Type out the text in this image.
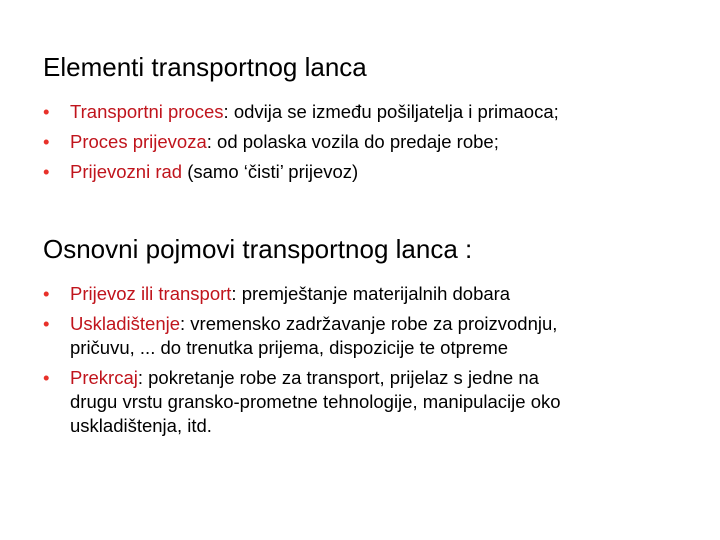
Elementi transportnog lanca
•	Transportni proces: odvija se između pošiljatelja i primaoca;
•	Proces prijevoza: od polaska vozila do predaje robe;
•	Prijevozni rad (samo ‘čisti’ prijevoz)
Osnovni pojmovi transportnog lanca :
•	Prijevoz ili transport: premještanje materijalnih dobara
•	Uskladištenje: vremensko zadržavanje robe za proizvodnju,
pričuvu, ... do trenutka prijema, dispozicije te otpreme
•	Prekrcaj: pokretanje robe za transport, prijelaz s jedne na
drugu vrstu gransko-prometne tehnologije, manipulacije oko
uskladištenja, itd.
